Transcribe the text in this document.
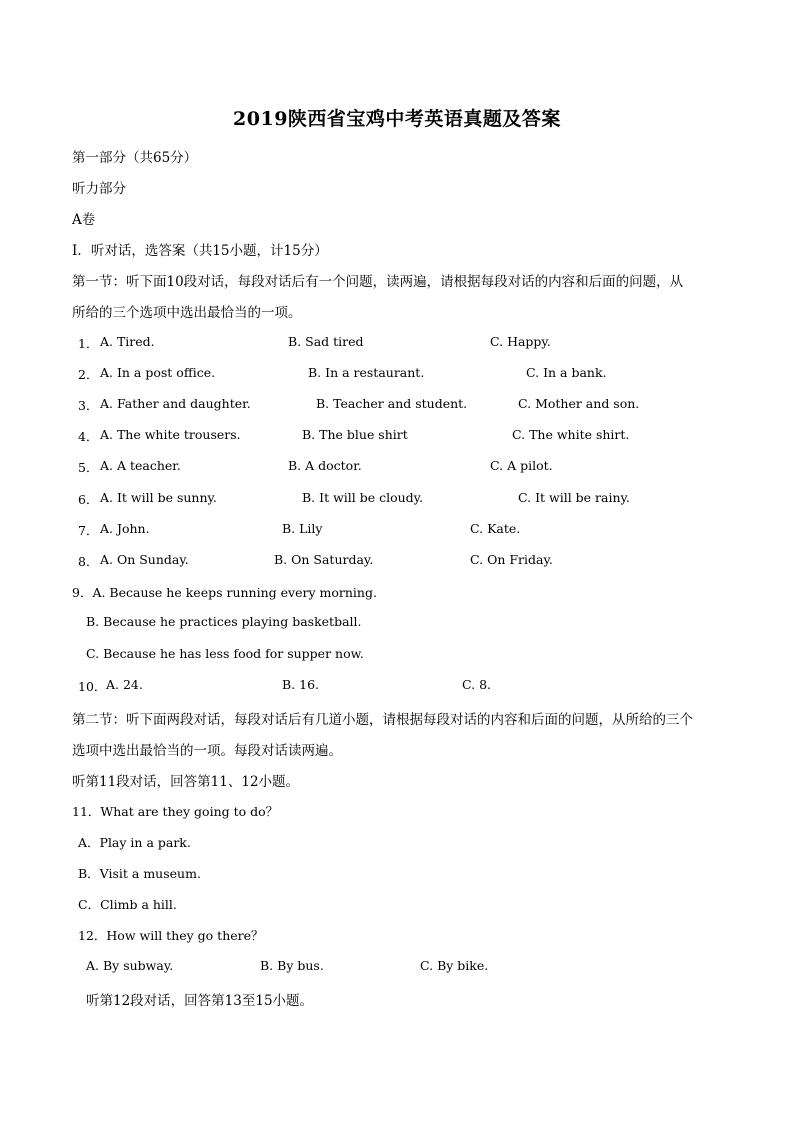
2019陕西省宝鸡中考英语真题及答案
第一部分（共65分）
听力部分
A卷
I．听对话，选答案（共15小题，计15分）
第一节：听下面10段对话，每段对话后有一个问题，读两遍，请根据每段对话的内容和后面的问题，从
所给的三个选项中选出最恰当的一项。
1． A. Tired.	B. Sad tired	C. Happy.
2． A. In a post office.	B. In a restaurant.	C. In a bank.
3． A. Father and daughter.	B. Teacher and student.	C. Mother and son.
4． A. The white trousers.	B. The blue shirt	C. The white shirt.
5． A. A teacher.	B. A doctor.	C. A pilot.
6． A. It will be sunny.	B. It will be cloudy.	C. It will be rainy.
7． A. John.	B. Lily	C. Kate.
8． A. On Sunday.	B. On Saturday.	C. On Friday.
9．A. Because he keeps running every morning.
B. Because he practices playing basketball.
C. Because he has less food for supper now.
10． A. 24.	B. 16.	C. 8.
第二节：听下面两段对话，每段对话后有几道小题，请根据每段对话的内容和后面的问题，从所给的三个
选项中选出最恰当的一项。每段对话读两遍。
听第11段对话，回答第11、12小题。
11．What are they going to do？
A．Play in a park.
B．Visit a museum.
C．Climb a hill.
12．How will they go there？
A. By subway.	B. By bus.	C. By bike.
听第12段对话，回答第13至15小题。
